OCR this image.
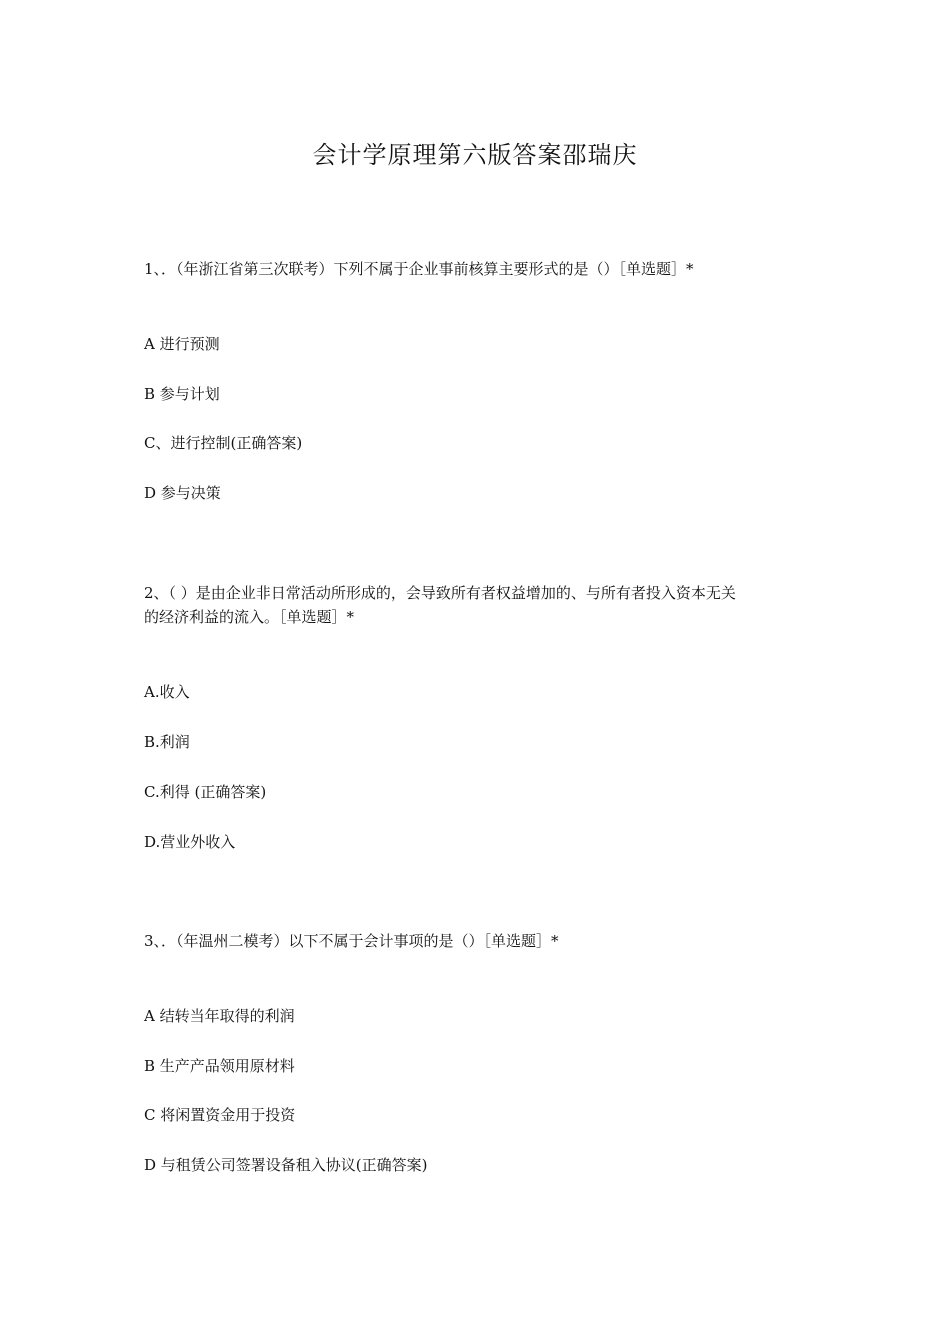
会计学原理第六版答案邵瑞庆

1、．（年浙江省第三次联考）下列不属于企业事前核算主要形式的是（）［单选题］*

A 进行预测

B 参与计划

C、进行控制(正确答案)

D 参与决策

2、（ ）是由企业非日常活动所形成的，会导致所有者权益增加的、与所有者投入资本无关

的经济利益的流入。［单选题］*

A.收入

B.利润

C.利得 (正确答案)

D.营业外收入

3、．（年温州二模考）以下不属于会计事项的是（）［单选题］*

A 结转当年取得的利润

B 生产产品领用原材料

C 将闲置资金用于投资

D 与租赁公司签署设备租入协议(正确答案)
